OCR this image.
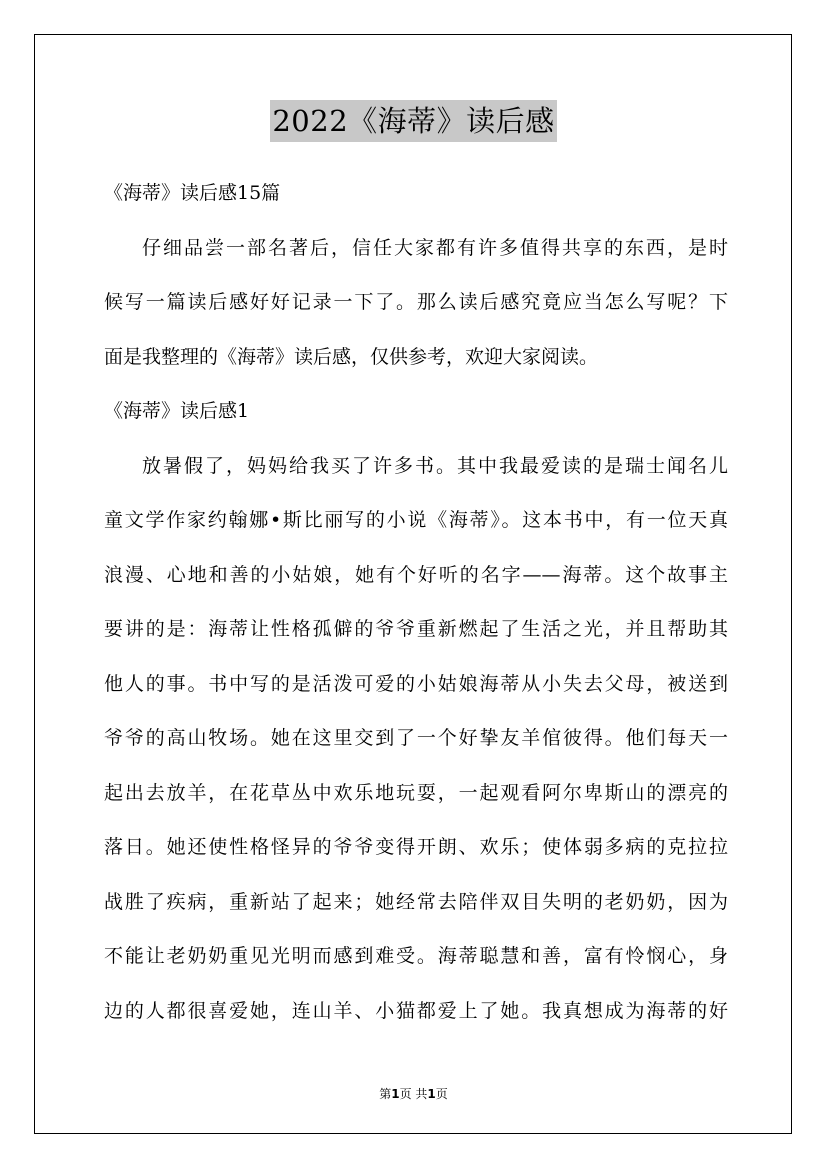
2022《海蒂》读后感
《海蒂》读后感15篇
仔细品尝一部名著后，信任大家都有许多值得共享的东西，是时
候写一篇读后感好好记录一下了。那么读后感究竟应当怎么写呢？下
面是我整理的《海蒂》读后感，仅供参考，欢迎大家阅读。
《海蒂》读后感1
放暑假了，妈妈给我买了许多书。其中我最爱读的是瑞士闻名儿
童文学作家约翰娜•斯比丽写的小说《海蒂》。这本书中，有一位天真
浪漫、心地和善的小姑娘，她有个好听的名字——海蒂。这个故事主
要讲的是：海蒂让性格孤僻的爷爷重新燃起了生活之光，并且帮助其
他人的事。书中写的是活泼可爱的小姑娘海蒂从小失去父母，被送到
爷爷的高山牧场。她在这里交到了一个好挚友羊倌彼得。他们每天一
起出去放羊，在花草丛中欢乐地玩耍，一起观看阿尔卑斯山的漂亮的
落日。她还使性格怪异的爷爷变得开朗、欢乐；使体弱多病的克拉拉
战胜了疾病，重新站了起来；她经常去陪伴双目失明的老奶奶，因为
不能让老奶奶重见光明而感到难受。海蒂聪慧和善，富有怜悯心，身
边的人都很喜爱她，连山羊、小猫都爱上了她。我真想成为海蒂的好
第1页 共1页
